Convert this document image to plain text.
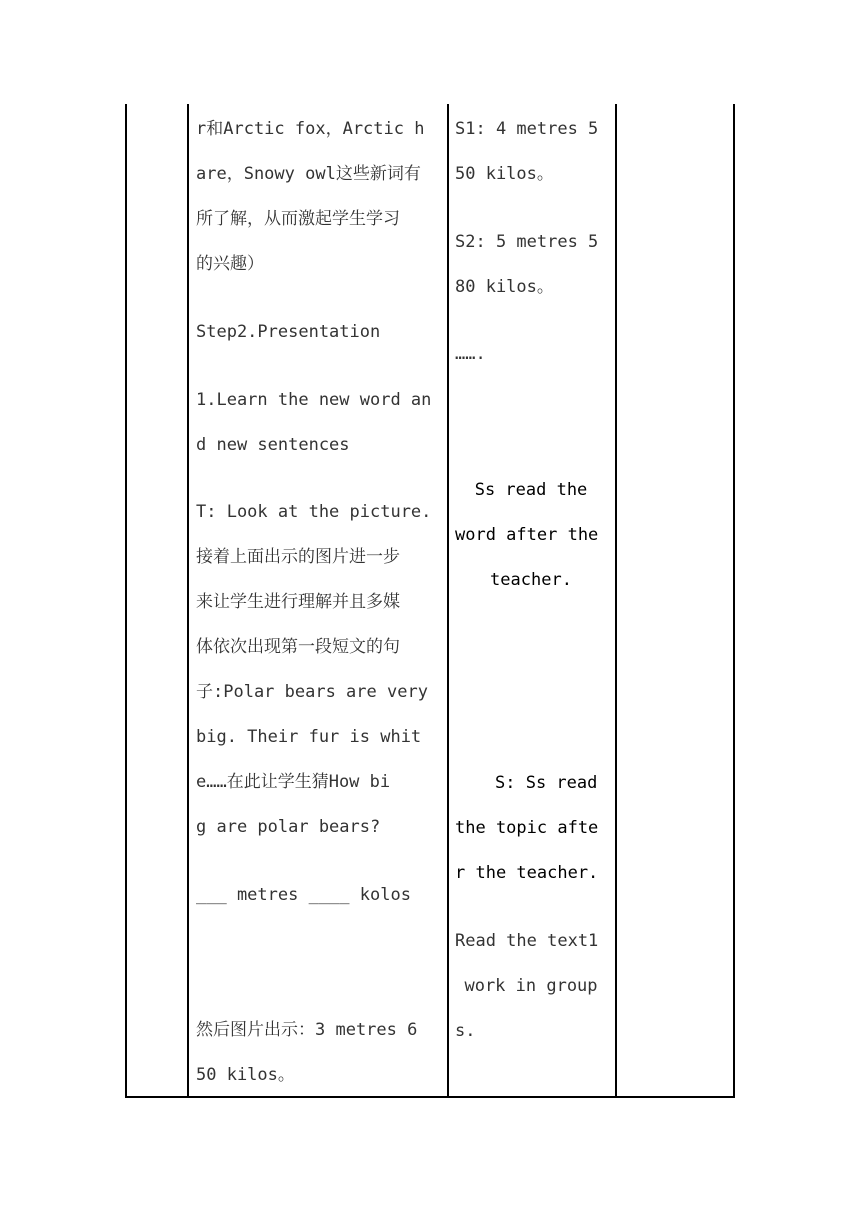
r和Arctic fox，Arctic h
are，Snowy owl这些新词有
所了解，从而激起学生学习
的兴趣）
Step2.Presentation
1.Learn the new word an
d new sentences
T: Look at the picture.
接着上面出示的图片进一步
来让学生进行理解并且多媒
体依次出现第一段短文的句
子:Polar bears are very
big. Their fur is whit
e……在此让学生猜How bi
g are polar bears?
___ metres ____ kolos
然后图片出示：3 metres 6
50 kilos。
S1: 4 metres 5
50 kilos。
S2: 5 metres 5
80 kilos。
…….
Ss read the
word after the
teacher.
S: Ss read
the topic afte
r the teacher.
Read the text1
work in group
s.
